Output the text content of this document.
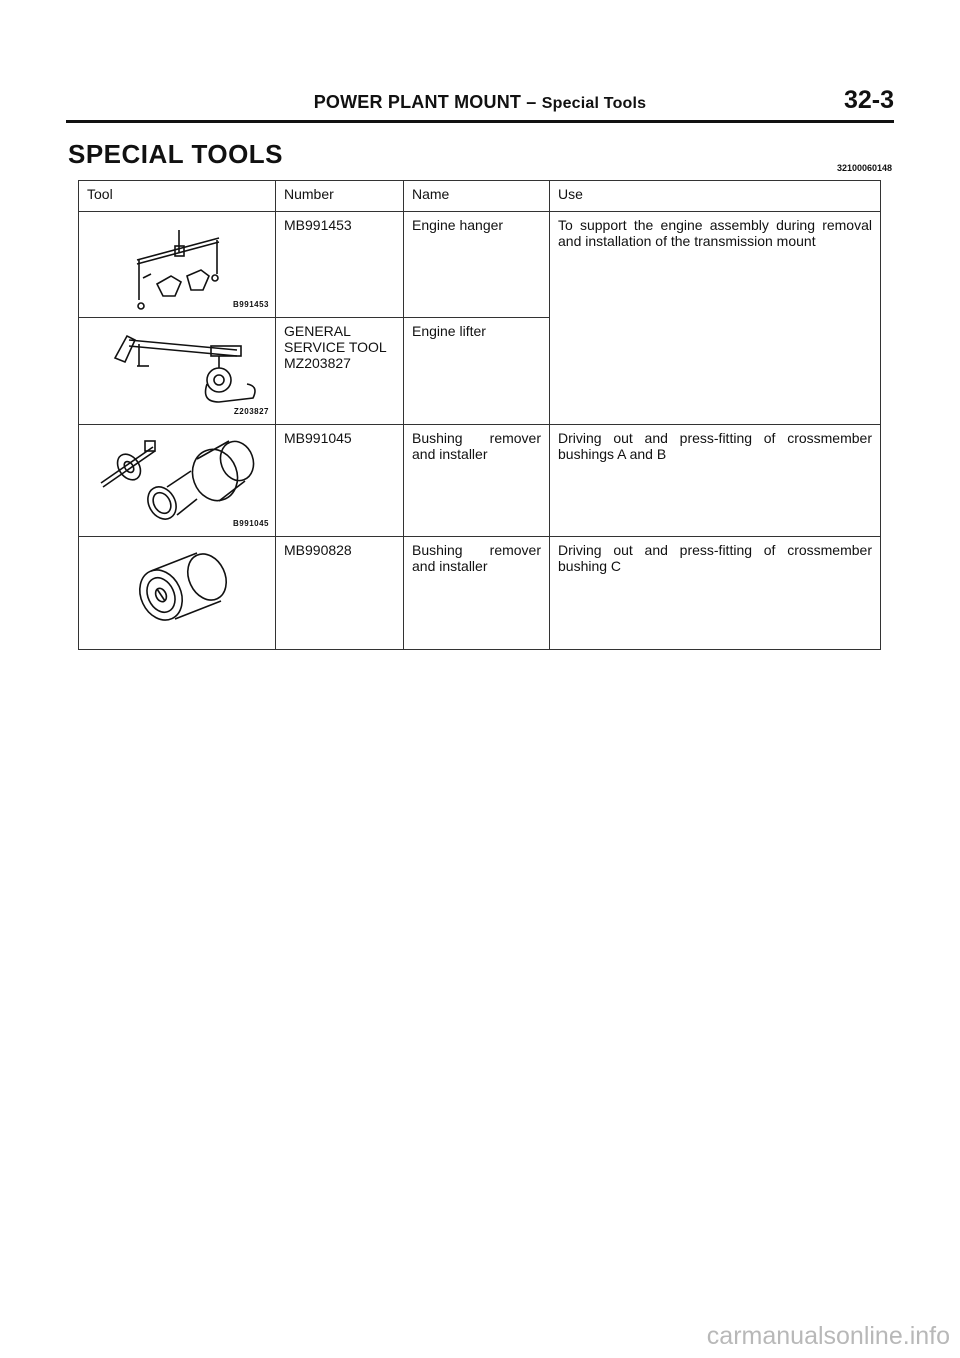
POWER PLANT MOUNT – Special Tools	32-3
SPECIAL TOOLS	32100060148
Tool	Number	Name	Use

B991453	MB991453	Engine hanger	To support the engine assembly during removal and installation of the transmission mount

Z203827	GENERAL SERVICE TOOL MZ203827	Engine lifter	

B991045	MB991045	Bushing remover and installer	Driving out and press-fitting of crossmember bushings A and B

	MB990828	Bushing remover and installer	Driving out and press-fitting of crossmember bushing C
carmanualsonline.info
